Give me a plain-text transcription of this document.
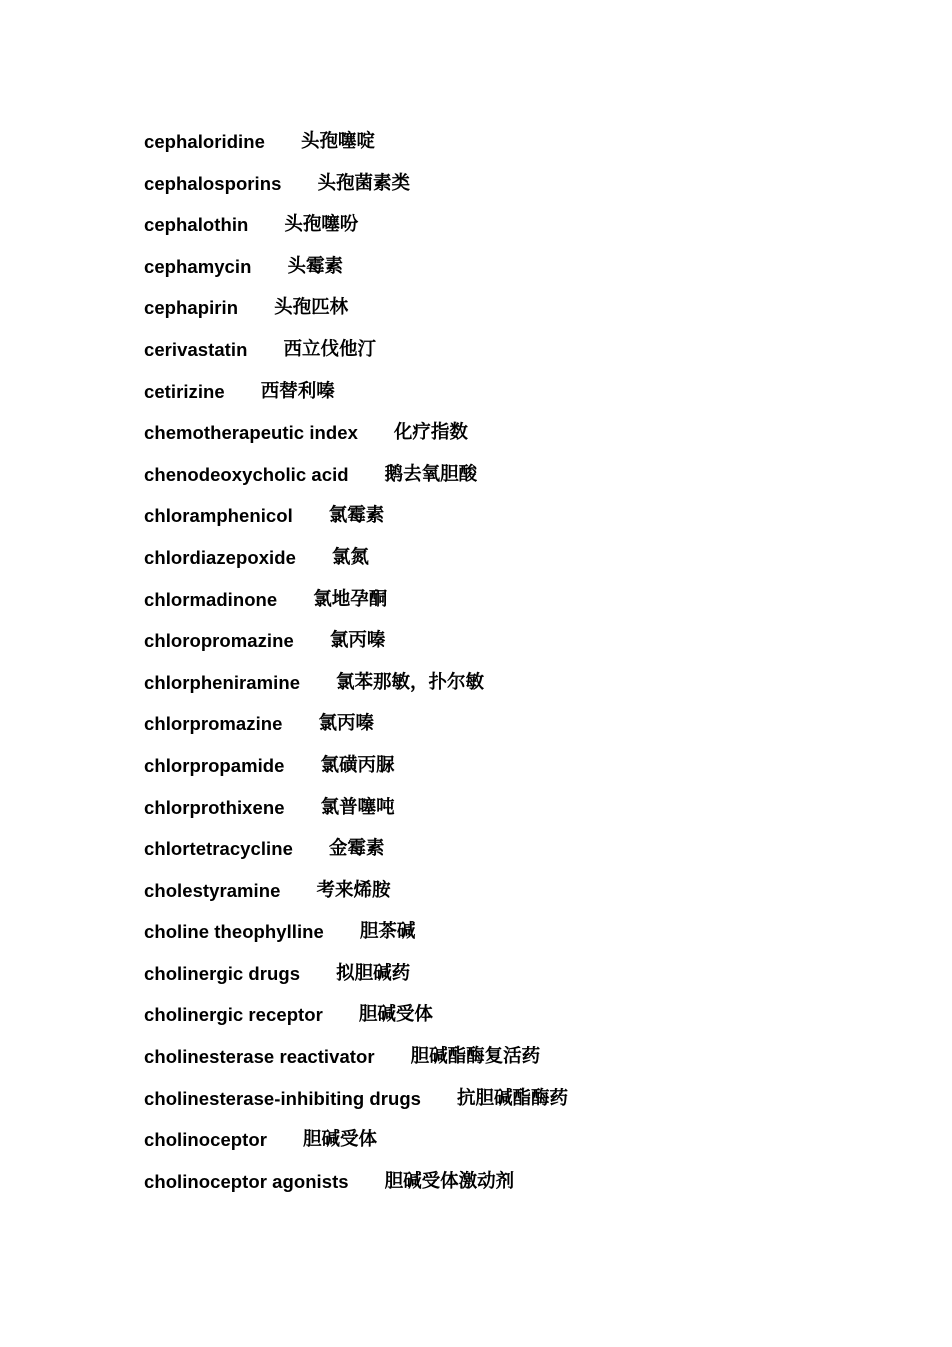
cephaloridine 头孢噻啶
cephalosporins 头孢菌素类
cephalothin 头孢噻吩
cephamycin 头霉素
cephapirin 头孢匹林
cerivastatin 西立伐他汀
cetirizine 西替利嗪
chemotherapeutic index 化疗指数
chenodeoxycholic acid 鹅去氧胆酸
chloramphenicol 氯霉素
chlordiazepoxide 氯氮
chlormadinone 氯地孕酮
chloropromazine 氯丙嗪
chlorpheniramine 氯苯那敏，扑尔敏
chlorpromazine 氯丙嗪
chlorpropamide 氯磺丙脲
chlorprothixene 氯普噻吨
chlortetracycline 金霉素
cholestyramine 考来烯胺
choline theophylline 胆茶碱
cholinergic drugs 拟胆碱药
cholinergic receptor 胆碱受体
cholinesterase reactivator 胆碱酯酶复活药
cholinesterase-inhibiting drugs 抗胆碱酯酶药
cholinoceptor 胆碱受体
cholinoceptor agonists 胆碱受体激动剂
